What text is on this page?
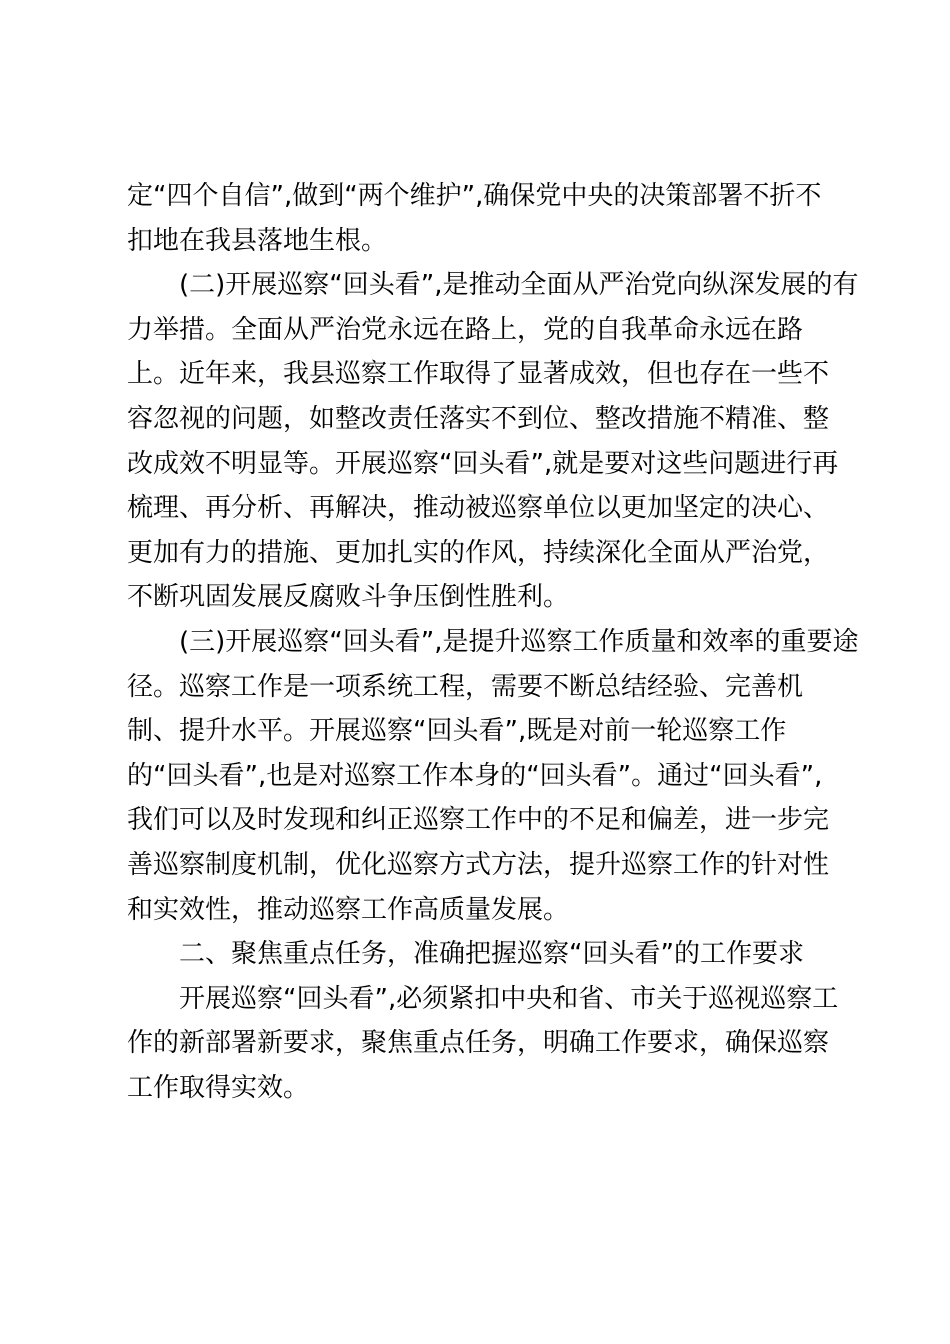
定“四个自信”,做到“两个维护”,确保党中央的决策部署不折不
扣地在我县落地生根。
(二)开展巡察“回头看”,是推动全面从严治党向纵深发展的有
力举措。全面从严治党永远在路上，党的自我革命永远在路
上。近年来，我县巡察工作取得了显著成效，但也存在一些不
容忽视的问题，如整改责任落实不到位、整改措施不精准、整
改成效不明显等。开展巡察“回头看”,就是要对这些问题进行再
梳理、再分析、再解决，推动被巡察单位以更加坚定的决心、
更加有力的措施、更加扎实的作风，持续深化全面从严治党，
不断巩固发展反腐败斗争压倒性胜利。
(三)开展巡察“回头看”,是提升巡察工作质量和效率的重要途
径。巡察工作是一项系统工程，需要不断总结经验、完善机
制、提升水平。开展巡察“回头看”,既是对前一轮巡察工作
的“回头看”,也是对巡察工作本身的“回头看”。通过“回头看”,
我们可以及时发现和纠正巡察工作中的不足和偏差，进一步完
善巡察制度机制，优化巡察方式方法，提升巡察工作的针对性
和实效性，推动巡察工作高质量发展。
二、聚焦重点任务，准确把握巡察“回头看”的工作要求
开展巡察“回头看”,必须紧扣中央和省、市关于巡视巡察工
作的新部署新要求，聚焦重点任务，明确工作要求，确保巡察
工作取得实效。
